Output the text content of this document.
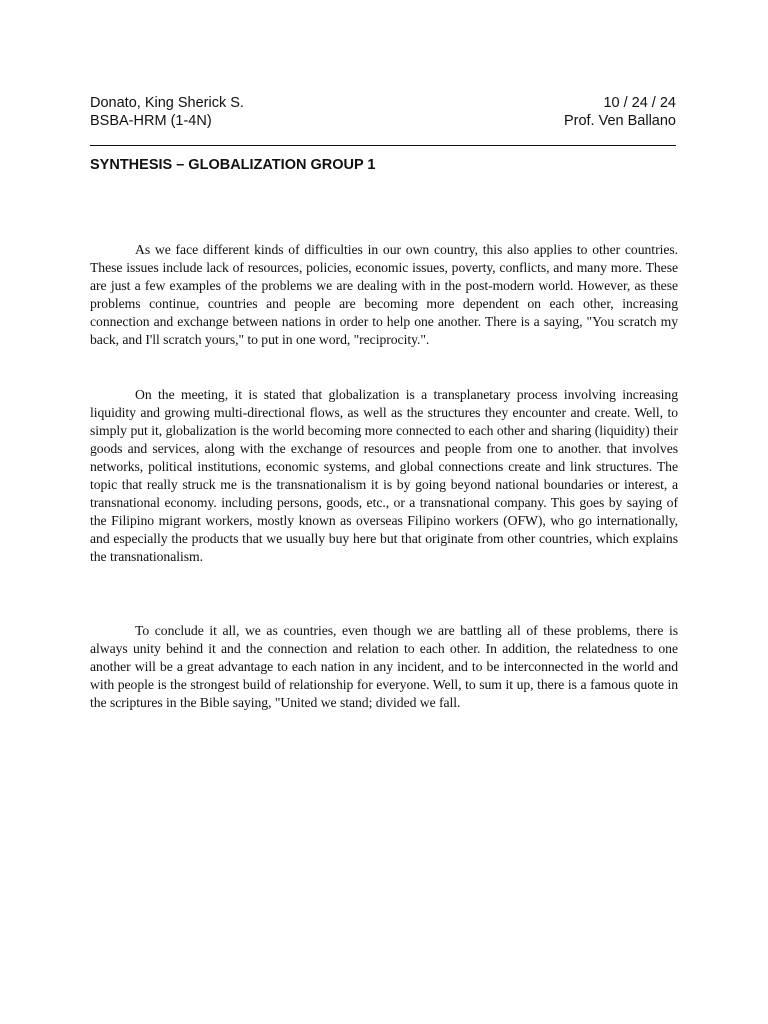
Donato, King Sherick S.	10 / 24 / 24
BSBA-HRM (1-4N)	Prof. Ven Ballano
SYNTHESIS – GLOBALIZATION GROUP 1

As we face different kinds of difficulties in our own country, this also applies to other countries. These issues include lack of resources, policies, economic issues, poverty, conflicts, and many more. These are just a few examples of the problems we are dealing with in the post-modern world. However, as these problems continue, countries and people are becoming more dependent on each other, increasing connection and exchange between nations in order to help one another. There is a saying, "You scratch my back, and I'll scratch yours," to put in one word, "reciprocity.".

On the meeting, it is stated that globalization is a transplanetary process involving increasing liquidity and growing multi-directional flows, as well as the structures they encounter and create. Well, to simply put it, globalization is the world becoming more connected to each other and sharing (liquidity) their goods and services, along with the exchange of resources and people from one to another. that involves networks, political institutions, economic systems, and global connections create and link structures. The topic that really struck me is the transnationalism it is by going beyond national boundaries or interest, a transnational economy. including persons, goods, etc., or a transnational company. This goes by saying of the Filipino migrant workers, mostly known as overseas Filipino workers (OFW), who go internationally, and especially the products that we usually buy here but that originate from other countries, which explains the transnationalism.

To conclude it all, we as countries, even though we are battling all of these problems, there is always unity behind it and the connection and relation to each other. In addition, the relatedness to one another will be a great advantage to each nation in any incident, and to be interconnected in the world and with people is the strongest build of relationship for everyone. Well, to sum it up, there is a famous quote in the scriptures in the Bible saying, "United we stand; divided we fall.
